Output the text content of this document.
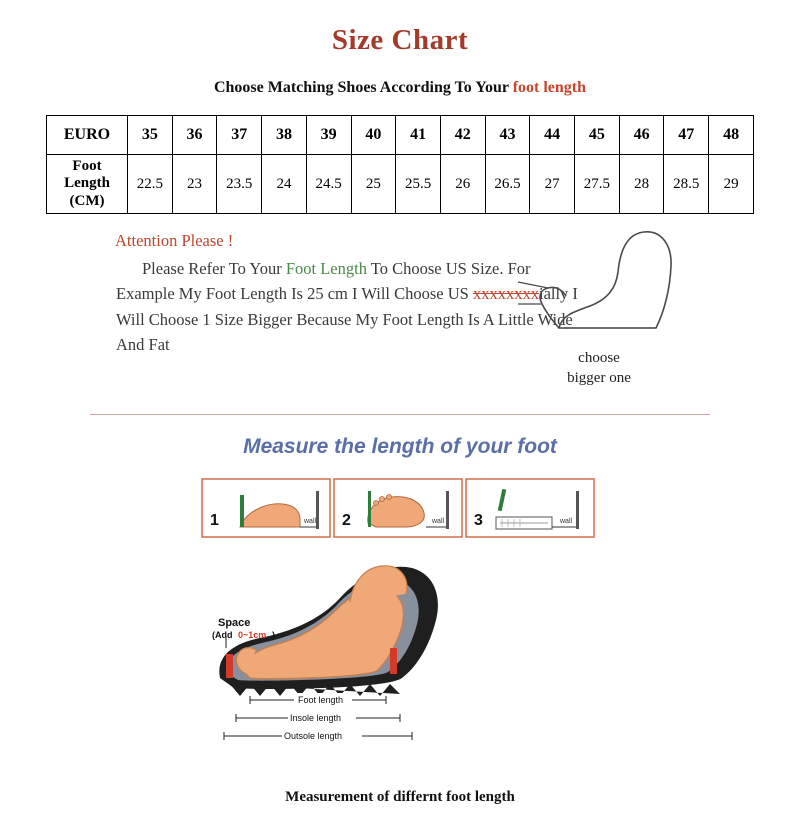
Size Chart
Choose Matching Shoes According To Your foot length
EURO	35	36	37	38	39	40	41	42	43	44	45	46	47	48

Foot
Length
(CM)	22.5	23	23.5	24	24.5	25	25.5	26	26.5	27	27.5	28	28.5	29
Attention Please !
Please Refer To Your Foot Length To Choose US Size. For Example My Foot Length Is 25 cm I Will Choose US xxxxxxxxially I Will Choose 1 Size Bigger Because My Foot Length Is A Little Wide And Fat
choose
bigger one
Measure the length of your foot
1	wall 2	wall 3	wall
Space
(Add 0~1cm )
Foot length
Insole length
Outsole length
Measurement of differnt foot length
